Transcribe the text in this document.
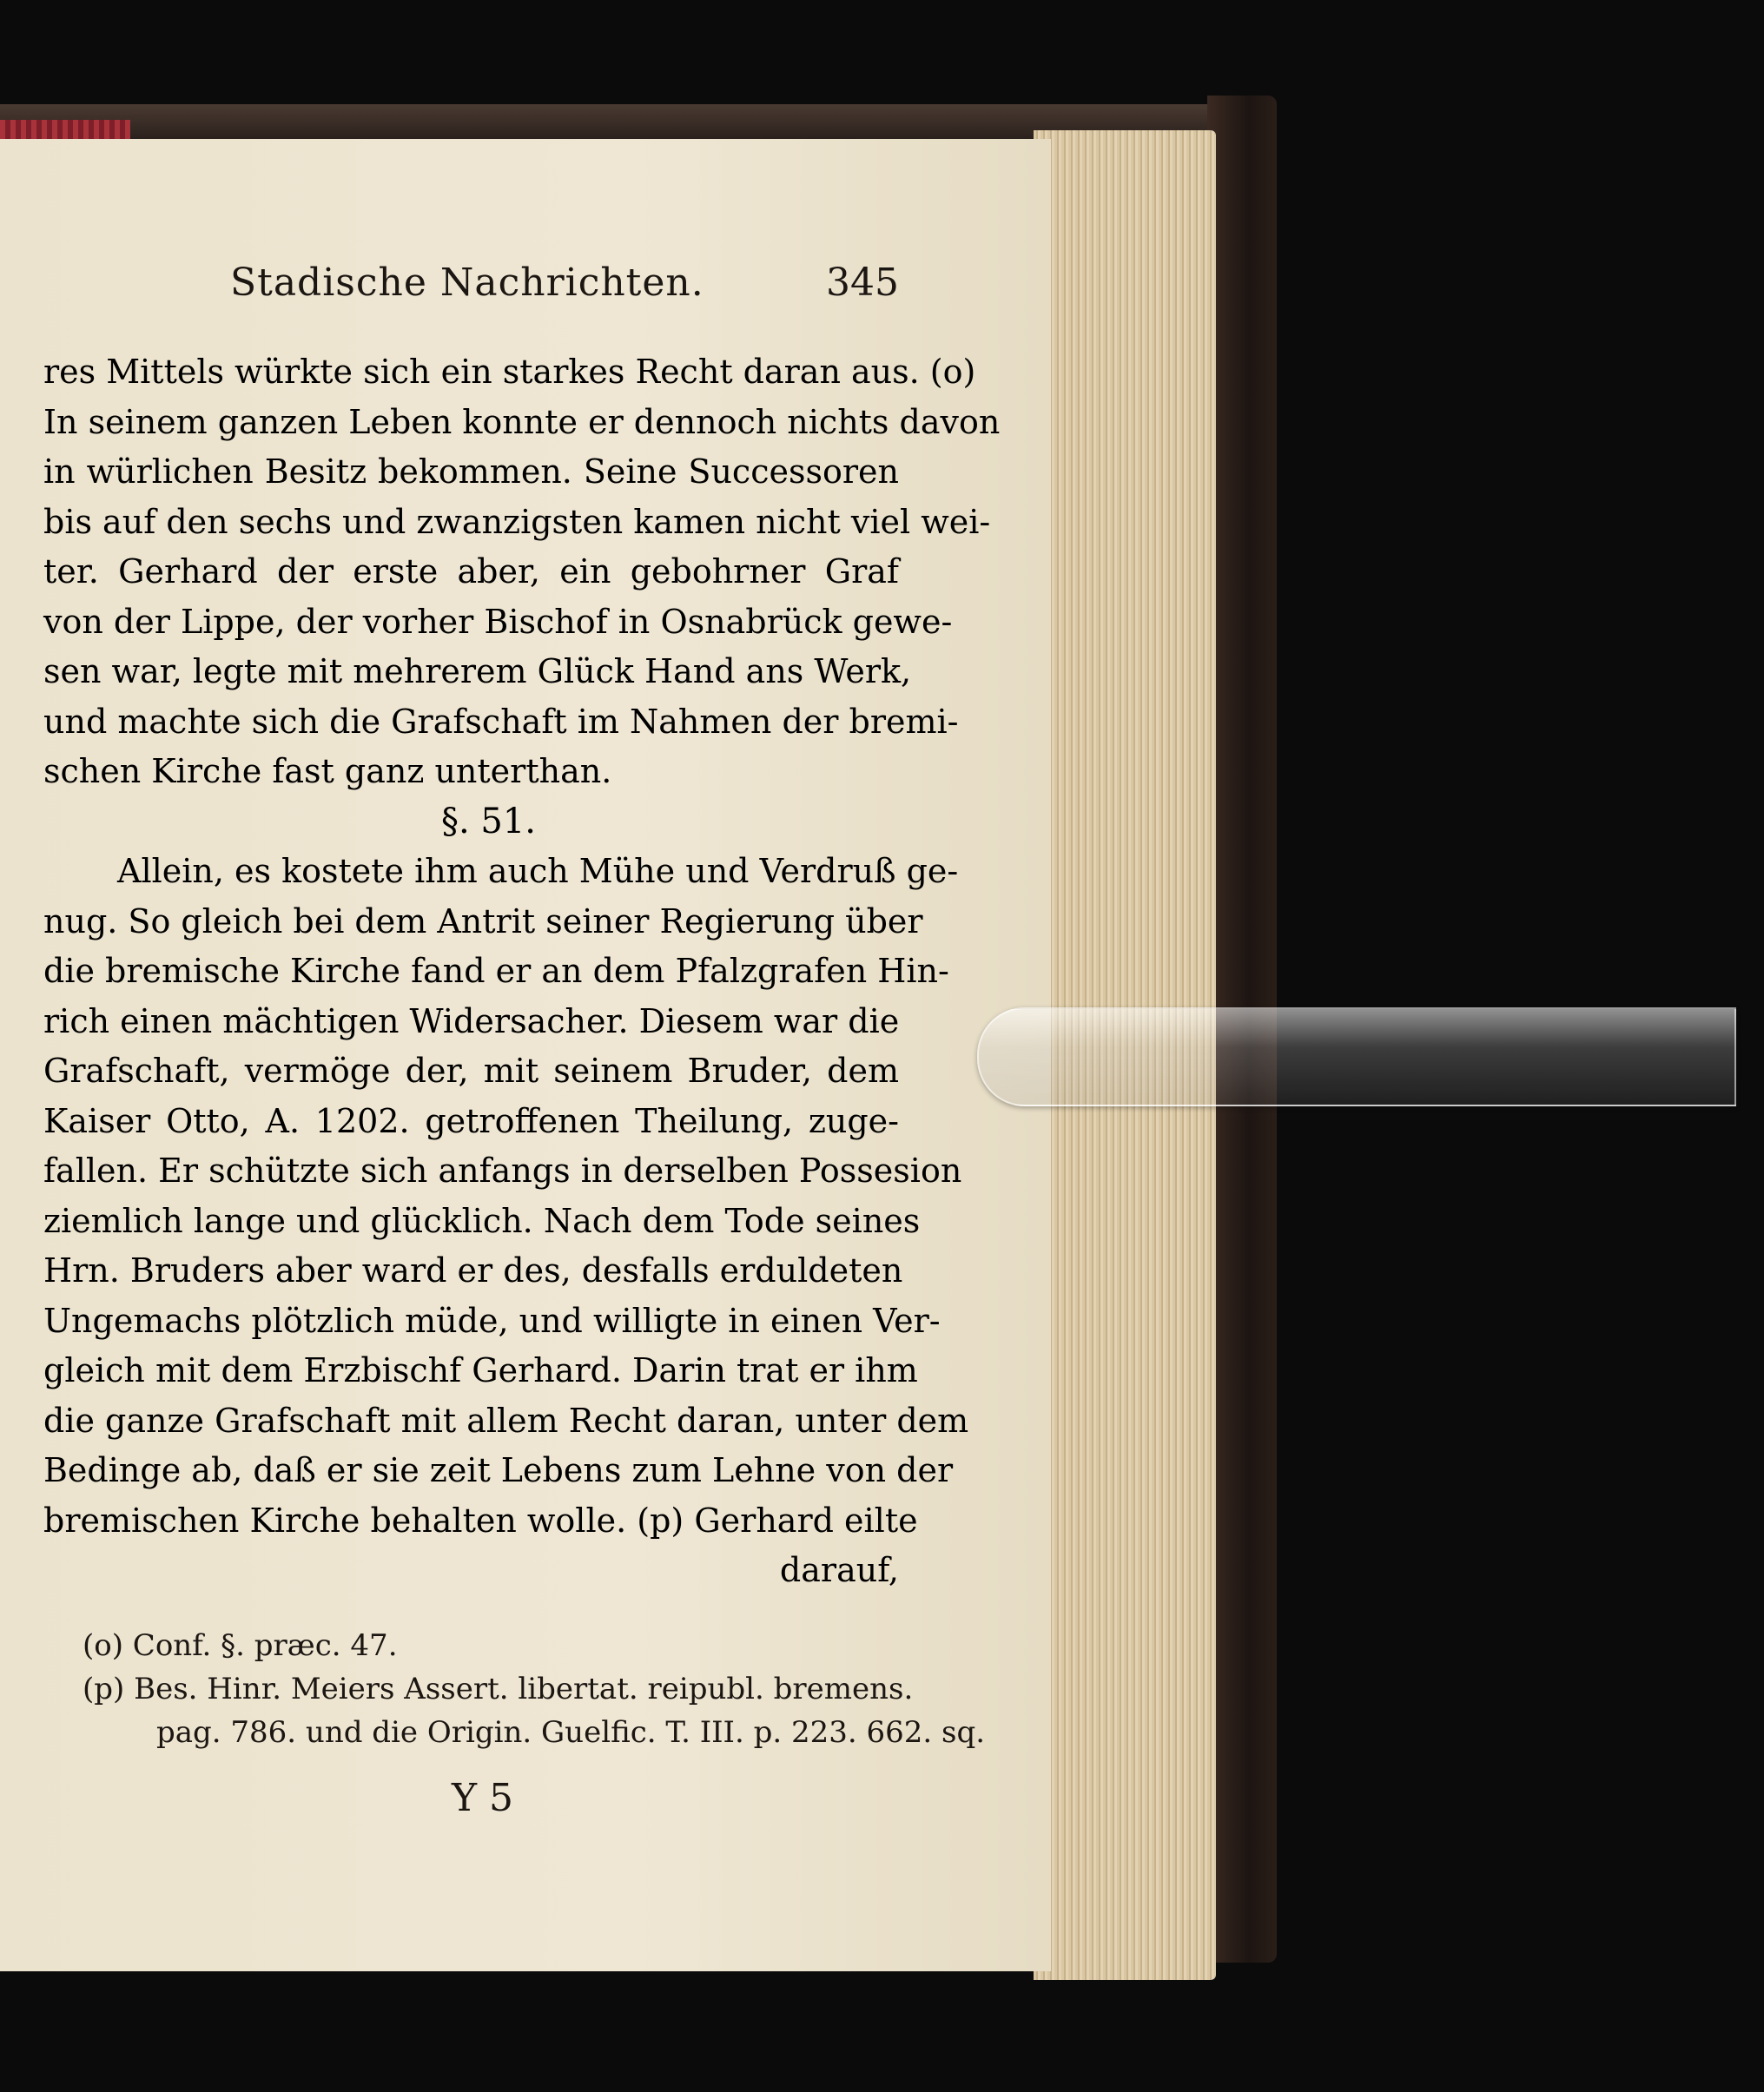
Stadische Nachrichten.	345
res Mittels würkte sich ein starkes Recht daran aus. (o)
In seinem ganzen Leben konnte er dennoch nichts davon
in würlichen Besitz bekommen. Seine Successoren
bis auf den sechs und zwanzigsten kamen nicht viel wei-
ter. Gerhard der erste aber, ein gebohrner Graf
von der Lippe, der vorher Bischof in Osnabrück gewe-
sen war, legte mit mehrerem Glück Hand ans Werk,
und machte sich die Grafschaft im Nahmen der bremi-
schen Kirche fast ganz unterthan.
§. 51.
Allein, es kostete ihm auch Mühe und Verdruß ge-
nug. So gleich bei dem Antrit seiner Regierung über
die bremische Kirche fand er an dem Pfalzgrafen Hin-
rich einen mächtigen Widersacher. Diesem war die
Grafschaft, vermöge der, mit seinem Bruder, dem
Kaiser Otto, A. 1202. getroffenen Theilung, zuge-
fallen. Er schützte sich anfangs in derselben Possesion
ziemlich lange und glücklich. Nach dem Tode seines
Hrn. Bruders aber ward er des, desfalls erduldeten
Ungemachs plötzlich müde, und willigte in einen Ver-
gleich mit dem Erzbischf Gerhard. Darin trat er ihm
die ganze Grafschaft mit allem Recht daran, unter dem
Bedinge ab, daß er sie zeit Lebens zum Lehne von der
bremischen Kirche behalten wolle. (p) Gerhard eilte
darauf,
(o) Conf. §. præc. 47.
(p) Bes. Hinr. Meiers Assert. libertat. reipubl. bremens.
pag. 786. und die Origin. Guelfic. T. III. p. 223. 662. sq.
Y 5
